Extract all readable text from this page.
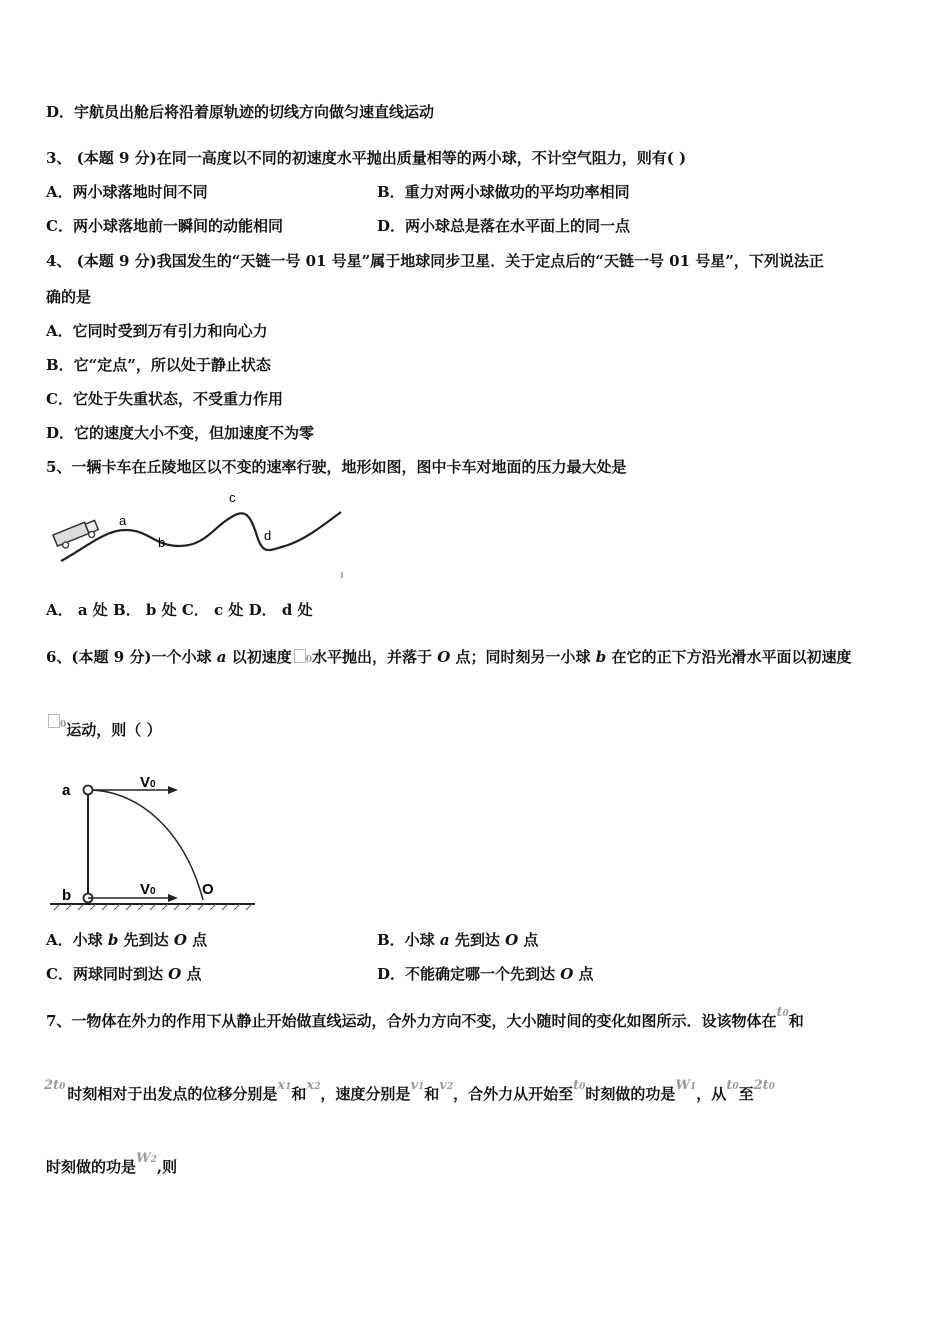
D．宇航员出舱后将沿着原轨迹的切线方向做匀速直线运动
3、 (本题 9 分)在同一高度以不同的初速度水平抛出质量相等的两小球，不计空气阻力，则有( )
A．两小球落地时间不同	B．重力对两小球做功的平均功率相同
C．两小球落地前一瞬间的动能相同	D．两小球总是落在水平面上的同一点
4、 (本题 9 分)我国发生的“天链一号 01 号星”属于地球同步卫星．关于定点后的“天链一号 01 号星”，下列说法正
确的是
A．它同时受到万有引力和向心力
B．它“定点”，所以处于静止状态
C．它处于失重状态，不受重力作用
D．它的速度大小不变，但加速度不为零
5、一辆卡车在丘陵地区以不变的速率行驶，地形如图，图中卡车对地面的压力最大处是
a
b
c
d
A． a 处 B． b 处 C． c 处 D． d 处
6、(本题 9 分)一个小球 a 以初速度 0水平抛出，并落于 O 点；同时刻另一小球 b 在它的正下方沿光滑水平面以初速度
$^0$运动，则（ ）
a
b
V0
V0	O
A．小球 b 先到达 O 点	B．小球 a 先到达 O 点
C．两球同时到达 O 点	D．不能确定哪一个先到达 O 点
7、一物体在外力的作用下从静止开始做直线运动，合外力方向不变，大小随时间的变化如图所示．设该物体在t0和
2t0 时刻相对于出发点的位移分别是x1和x2，速度分别是v1和v2，合外力从开始至t0时刻做的功是W1，从t0至2t0
时刻做的功是W2,则
